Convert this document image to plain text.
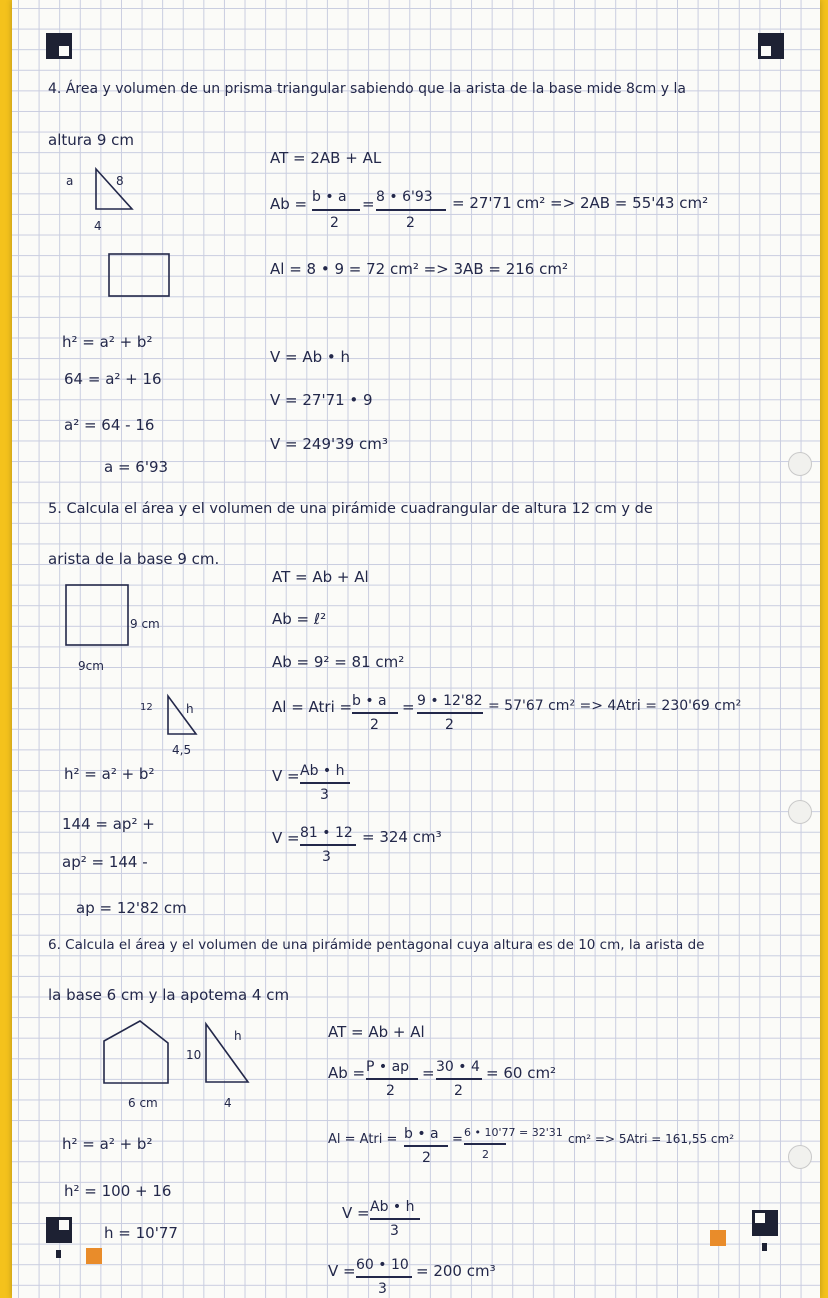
4. Área y volumen de un prisma triangular sabiendo que la arista de la base mide 8cm y la
altura 9 cm
a	8
4
h² = a² + b²
64 = a² + 16
a² = 64 - 16
a = 6'93
AT = 2AB + AL
Ab = b • a
2
= 8 • 6'93
2
= 27'71 cm² => 2AB = 55'43 cm²
Al = 8 • 9 = 72 cm² => 3AB = 216 cm²
V = Ab • h
V = 27'71 • 9
V = 249'39 cm³
5. Calcula el área y el volumen de una pirámide cuadrangular de altura 12 cm y de
arista de la base 9 cm.
9 cm
9cm
12	h
4,5
h² = a² + b²
144 = ap² +
ap² = 144 -
ap = 12'82 cm
AT = Ab + Al
Ab = ℓ²
Ab = 9² = 81 cm²
Al = Atri = b • a
2
= 9 • 12'82
2
= 57'67 cm² => 4Atri = 230'69 cm²
V = Ab • h
3
V = 81 • 12
3
= 324 cm³
6. Calcula el área y el volumen de una pirámide pentagonal cuya altura es de 10 cm, la arista de
la base 6 cm y la apotema 4 cm
6 cm
10
h
4
h² = a² + b²
h² = 100 + 16
h = 10'77
AT = Ab + Al
Ab = P • ap
2
= 30 • 4
2
= 60 cm²
Al = Atri = b • a
2
= 6 • 10'77 = 32'31
2
cm² => 5Atri = 161,55 cm²
V = Ab • h
3
V = 60 • 10
3
= 200 cm³
